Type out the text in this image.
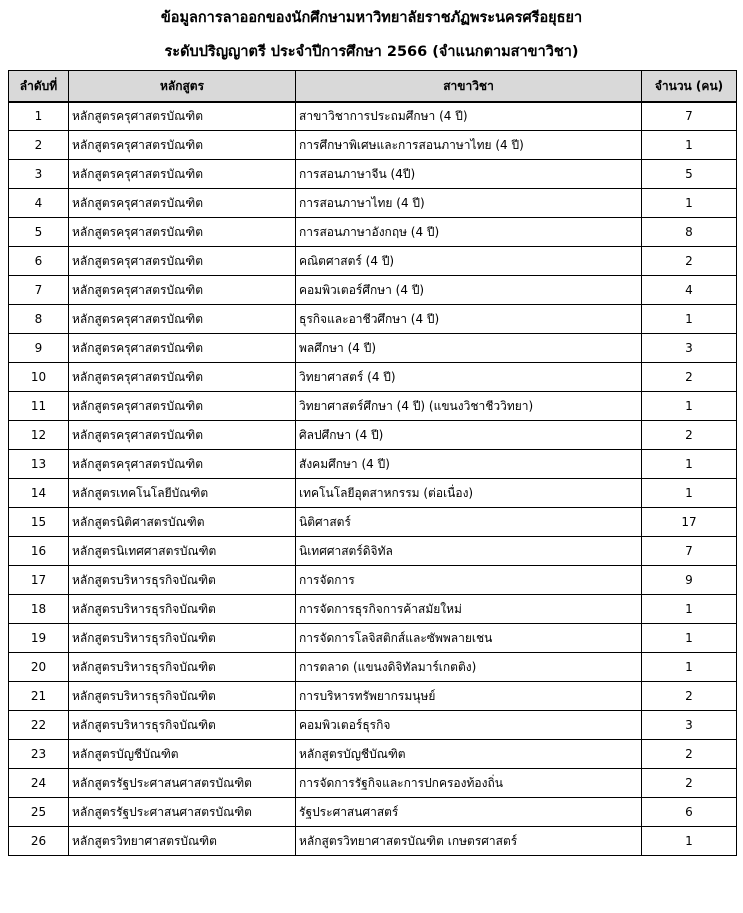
ข้อมูลการลาออกของนักศึกษามหาวิทยาลัยราชภัฏพระนครศรีอยุธยา
ระดับปริญญาตรี ประจำปีการศึกษา 2566 (จำแนกตามสาขาวิชา)
ลำดับที่	หลักสูตร	สาขาวิชา	จำนวน (คน)
1	หลักสูตรครุศาสตรบัณฑิต	สาขาวิชาการประถมศึกษา (4 ปี)	7
2	หลักสูตรครุศาสตรบัณฑิต	การศึกษาพิเศษและการสอนภาษาไทย (4 ปี)	1
3	หลักสูตรครุศาสตรบัณฑิต	การสอนภาษาจีน (4ปี)	5
4	หลักสูตรครุศาสตรบัณฑิต	การสอนภาษาไทย (4 ปี)	1
5	หลักสูตรครุศาสตรบัณฑิต	การสอนภาษาอังกฤษ (4 ปี)	8
6	หลักสูตรครุศาสตรบัณฑิต	คณิตศาสตร์ (4 ปี)	2
7	หลักสูตรครุศาสตรบัณฑิต	คอมพิวเตอร์ศึกษา (4 ปี)	4
8	หลักสูตรครุศาสตรบัณฑิต	ธุรกิจและอาชีวศึกษา (4 ปี)	1
9	หลักสูตรครุศาสตรบัณฑิต	พลศึกษา (4 ปี)	3
10	หลักสูตรครุศาสตรบัณฑิต	วิทยาศาสตร์ (4 ปี)	2
11	หลักสูตรครุศาสตรบัณฑิต	วิทยาศาสตร์ศึกษา (4 ปี) (แขนงวิชาชีววิทยา)	1
12	หลักสูตรครุศาสตรบัณฑิต	ศิลปศึกษา (4 ปี)	2
13	หลักสูตรครุศาสตรบัณฑิต	สังคมศึกษา (4 ปี)	1
14	หลักสูตรเทคโนโลยีบัณฑิต	เทคโนโลยีอุตสาหกรรม (ต่อเนื่อง)	1
15	หลักสูตรนิติศาสตรบัณฑิต	นิติศาสตร์	17
16	หลักสูตรนิเทศศาสตรบัณฑิต	นิเทศศาสตร์ดิจิทัล	7
17	หลักสูตรบริหารธุรกิจบัณฑิต	การจัดการ	9
18	หลักสูตรบริหารธุรกิจบัณฑิต	การจัดการธุรกิจการค้าสมัยใหม่	1
19	หลักสูตรบริหารธุรกิจบัณฑิต	การจัดการโลจิสติกส์และซัพพลายเชน	1
20	หลักสูตรบริหารธุรกิจบัณฑิต	การตลาด (แขนงดิจิทัลมาร์เกตติง)	1
21	หลักสูตรบริหารธุรกิจบัณฑิต	การบริหารทรัพยากรมนุษย์	2
22	หลักสูตรบริหารธุรกิจบัณฑิต	คอมพิวเตอร์ธุรกิจ	3
23	หลักสูตรบัญชีบัณฑิต	หลักสูตรบัญชีบัณฑิต	2
24	หลักสูตรรัฐประศาสนศาสตรบัณฑิต	การจัดการรัฐกิจและการปกครองท้องถิ่น	2
25	หลักสูตรรัฐประศาสนศาสตรบัณฑิต	รัฐประศาสนศาสตร์	6
26	หลักสูตรวิทยาศาสตรบัณฑิต	หลักสูตรวิทยาศาสตรบัณฑิต เกษตรศาสตร์	1
